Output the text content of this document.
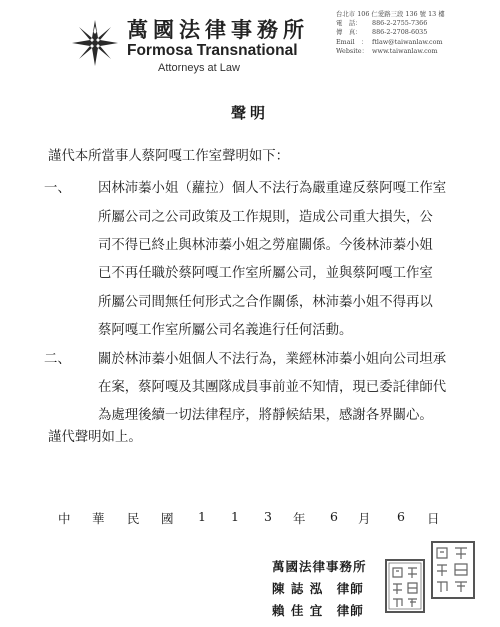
萬國法律事務所
Formosa Transnational
Attorneys at Law
台北市 106 仁愛路三段 136 號 13 樓
電　話： 886-2-2755-7366
傳　真： 886-2-2708-6035
Email　： ftlaw@taiwanlaw.com
Website： www.taiwanlaw.com
聲明
謹代本所當事人蔡阿嘎工作室聲明如下：
一、 因林沛蓁小姐（蘿拉）個人不法行為嚴重違反蔡阿嘎工作室
所屬公司之公司政策及工作規則，造成公司重大損失，公
司不得已終止與林沛蓁小姐之勞雇關係。今後林沛蓁小姐
已不再任職於蔡阿嘎工作室所屬公司，並與蔡阿嘎工作室
所屬公司間無任何形式之合作關係，林沛蓁小姐不得再以
蔡阿嘎工作室所屬公司名義進行任何活動。
二、 關於林沛蓁小姐個人不法行為，業經林沛蓁小姐向公司坦承
在案，蔡阿嘎及其團隊成員事前並不知情，現已委託律師代
為處理後續一切法律程序，將靜候結果，感謝各界關心。
謹代聲明如上。
中 華 民 國 1 1 3 年 6 月 6 日
萬國法律事務所
陳 誌 泓　律師
賴 佳 宜　律師
